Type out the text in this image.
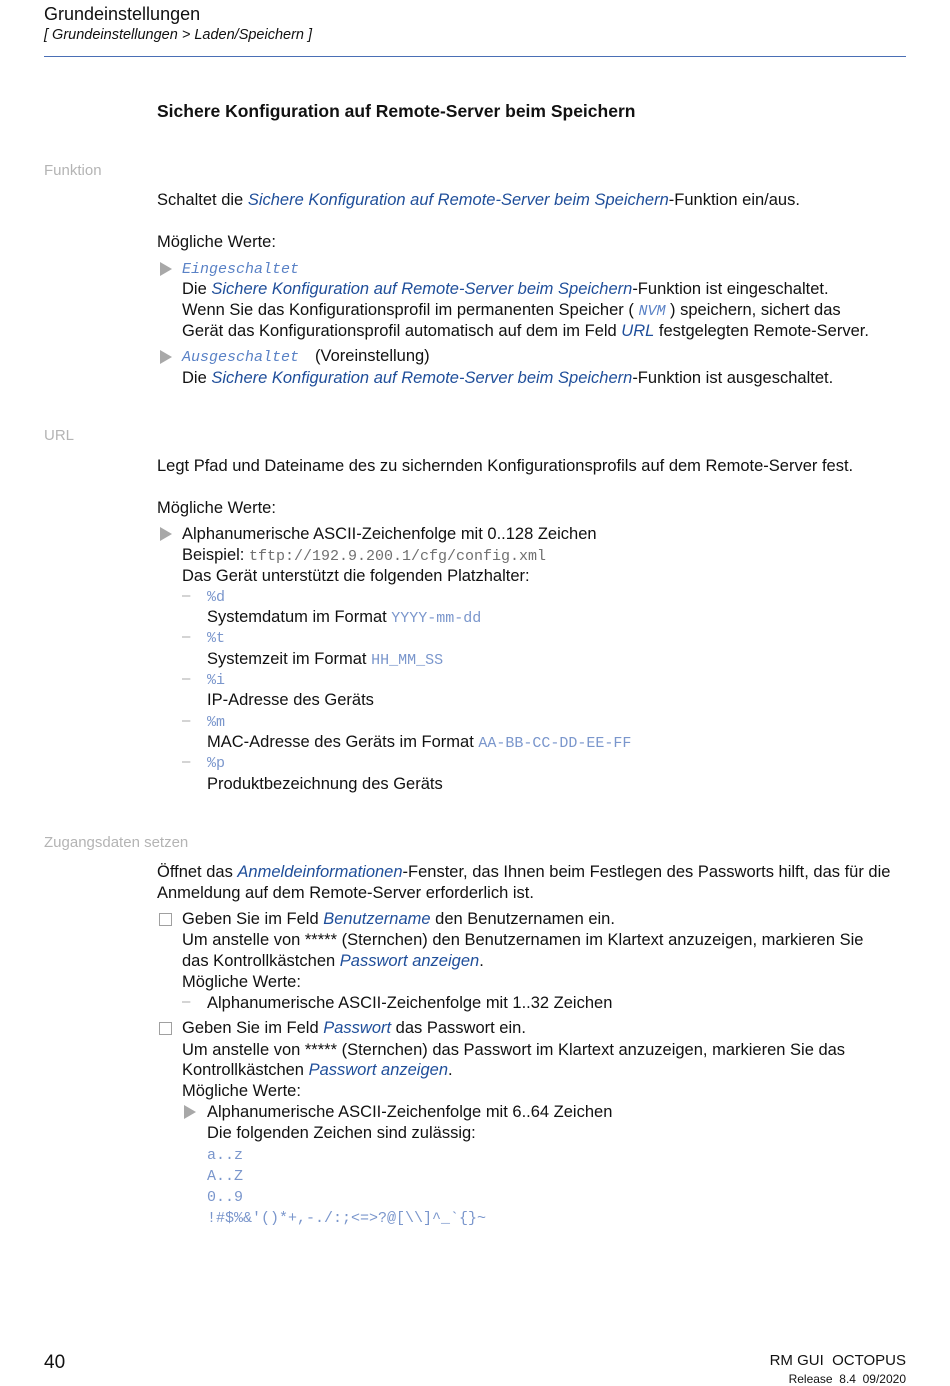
Grundeinstellungen
[ Grundeinstellungen > Laden/Speichern ]
Sichere Konfiguration auf Remote-Server beim Speichern
Funktion
Schaltet die Sichere Konfiguration auf Remote-Server beim Speichern-Funktion ein/aus.
Mögliche Werte:
Eingeschaltet
Die Sichere Konfiguration auf Remote-Server beim Speichern-Funktion ist eingeschaltet.
Wenn Sie das Konfigurationsprofil im permanenten Speicher ( NVM ) speichern, sichert das
Gerät das Konfigurationsprofil automatisch auf dem im Feld URL festgelegten Remote-Server.
Ausgeschaltet (Voreinstellung)
Die Sichere Konfiguration auf Remote-Server beim Speichern-Funktion ist ausgeschaltet.
URL
Legt Pfad und Dateiname des zu sichernden Konfigurationsprofils auf dem Remote-Server fest.
Mögliche Werte:
Alphanumerische ASCII-Zeichenfolge mit 0..128 Zeichen
Beispiel: tftp://192.9.200.1/cfg/config.xml
Das Gerät unterstützt die folgenden Platzhalter:
– %d
Systemdatum im Format YYYY-mm-dd
– %t
Systemzeit im Format HH_MM_SS
– %i
IP-Adresse des Geräts
– %m
MAC-Adresse des Geräts im Format AA-BB-CC-DD-EE-FF
– %p
Produktbezeichnung des Geräts
Zugangsdaten setzen
Öffnet das Anmeldeinformationen-Fenster, das Ihnen beim Festlegen des Passworts hilft, das für die
Anmeldung auf dem Remote-Server erforderlich ist.
Geben Sie im Feld Benutzername den Benutzernamen ein.
Um anstelle von ***** (Sternchen) den Benutzernamen im Klartext anzuzeigen, markieren Sie
das Kontrollkästchen Passwort anzeigen.
Mögliche Werte:
– Alphanumerische ASCII-Zeichenfolge mit 1..32 Zeichen
Geben Sie im Feld Passwort das Passwort ein.
Um anstelle von ***** (Sternchen) das Passwort im Klartext anzuzeigen, markieren Sie das
Kontrollkästchen Passwort anzeigen.
Mögliche Werte:
Alphanumerische ASCII-Zeichenfolge mit 6..64 Zeichen
Die folgenden Zeichen sind zulässig:
a..z
A..Z
0..9
!#$%&'()*+,-./:;<=>?@[\\]^_`{}~
40	RM GUI  OCTOPUS
Release  8.4  09/2020
